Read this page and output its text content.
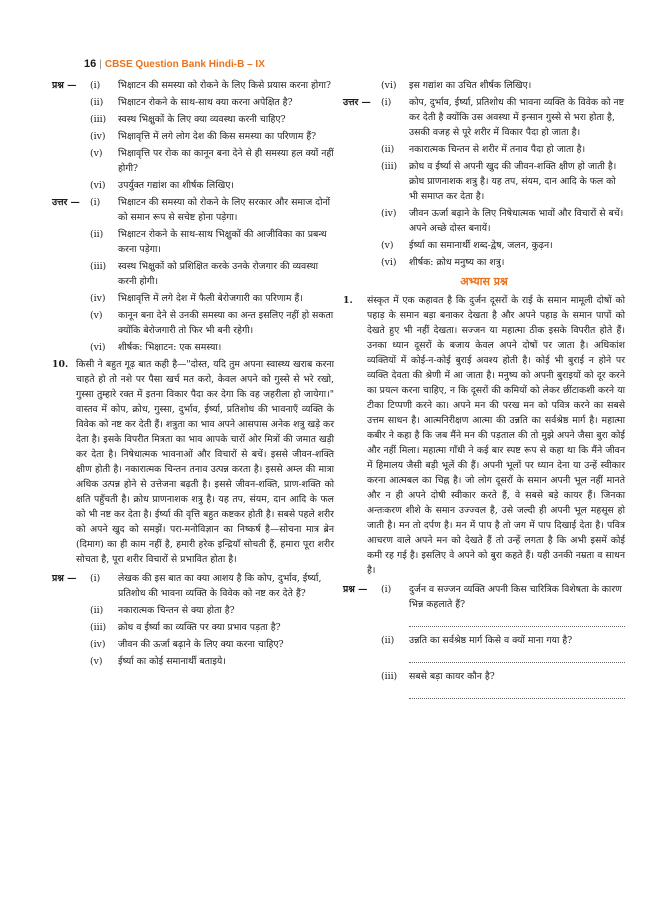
16 | CBSE Question Bank Hindi-B – IX
प्रश्न — (i) भिक्षाटन की समस्या को रोकने के लिए किसे प्रयास करना होगा?
(ii) भिक्षाटन रोकने के साथ-साथ क्या करना अपेक्षित है?
(iii) स्वस्थ भिक्षुकों के लिए क्या व्यवस्था करनी चाहिए?
(iv) भिक्षावृत्ति में लगे लोग देश की किस समस्या का परिणाम हैं?
(v) भिक्षावृत्ति पर रोक का कानून बना देने से ही समस्या हल क्यों नहीं होगी?
(vi) उपर्युक्त गद्यांश का शीर्षक लिखिए।
उत्तर — (i) भिक्षाटन की समस्या को रोकने के लिए सरकार और समाज दोनों को समान रूप से सचेष्ट होना पड़ेगा।
(ii) भिक्षाटन रोकने के साथ-साथ भिक्षुकों की आजीविका का प्रबन्ध करना पड़ेगा।
(iii) स्वस्थ भिक्षुकों को प्रशिक्षित करके उनके रोजगार की व्यवस्था करनी होगी।
(iv) भिक्षावृत्ति में लगे देश में फैली बेरोजगारी का परिणाम हैं।
(v) कानून बना देने से उनकी समस्या का अन्त इसलिए नहीं हो सकता क्योंकि बेरोजगारी तो फिर भी बनी रहेगी।
(vi) शीर्षक: भिक्षाटन: एक समस्या।
10. किसी ने बहुत गूढ़ बात कही है—"दोस्त, यदि तुम अपना स्वास्थ्य खराब करना चाहते हो तो नशे पर पैसा खर्च मत करो, केवल अपने को गुस्से से भरे रखो, गुस्सा तुम्हारे रक्त में इतना विकार पैदा कर देगा कि वह जहरीला हो जायेगा।" वास्तव में कोप, क्रोध, गुस्सा, दुर्भाव, ईर्ष्या, प्रतिशोध की भावनाएँ व्यक्ति के विवेक को नष्ट कर देती हैं। शत्रुता का भाव अपने आसपास अनेक शत्रु खड़े कर देता है। इसके विपरीत मित्रता का भाव आपके चारों ओर मित्रों की जमात खड़ी कर देता है। निषेधात्मक भावनाओं और विचारों से बचें। इससे जीवन-शक्ति क्षीण होती है। नकारात्मक चिन्तन तनाव उत्पन्न करता है। इससे अम्ल की मात्रा अधिक उत्पन्न होने से उत्तेजना बढ़ती है। इससे जीवन-शक्ति, प्राण-शक्ति को क्षति पहुँचती है। क्रोध प्राणनाशक शत्रु है। यह तप, संयम, दान आदि के फल को भी नष्ट कर देता है। ईर्ष्या की वृत्ति बहुत कष्टकर होती है। सबसे पहले शरीर को अपने खुद को समझें। परा-मनोविज्ञान का निष्कर्ष है—सोचना मात्र ब्रेन (दिमाग) का ही काम नहीं है, हमारी हरेक इन्द्रियाँ सोचती हैं, हमारा पूरा शरीर सोचता है, पूरा शरीर विचारों से प्रभावित होता है।
प्रश्न — (i) लेखक की इस बात का क्या आशय है कि कोप, दुर्भाव, ईर्ष्या, प्रतिशोध की भावना व्यक्ति के विवेक को नष्ट कर देते हैं?
(ii) नकारात्मक चिन्तन से क्या होता है?
(iii) क्रोध व ईर्ष्या का व्यक्ति पर क्या प्रभाव पड़ता है?
(iv) जीवन की ऊर्जा बढ़ाने के लिए क्या करना चाहिए?
(v) ईर्ष्या का कोई समानार्थी बताइये।
(vi) इस गद्यांश का उचित शीर्षक लिखिए।
उत्तर — (i) कोप, दुर्भाव, ईर्ष्या, प्रतिशोध की भावना व्यक्ति के विवेक को नष्ट कर देती है क्योंकि उस अवस्था में इन्सान गुस्से से भरा होता है, उसकी वजह से पूरे शरीर में विकार पैदा हो जाता है।
(ii) नकारात्मक चिन्तन से शरीर में तनाव पैदा हो जाता है।
(iii) क्रोध व ईर्ष्या से अपनी खुद की जीवन-शक्ति क्षीण हो जाती है। क्रोध प्राणनाशक शत्रु है। यह तप, संयम, दान आदि के फल को भी समाप्त कर देता है।
(iv) जीवन ऊर्जा बढ़ाने के लिए निषेधात्मक भावों और विचारों से बचें। अपने अच्छे दोस्त बनायें।
(v) ईर्ष्या का समानार्थी शब्द-द्वेष, जलन, कुढ़न।
(vi) शीर्षक: क्रोध मनुष्य का शत्रु।
अभ्यास प्रश्न
1. संस्कृत में एक कहावत है कि दुर्जन दूसरों के राई के समान मामूली दोषों को पहाड़ के समान बड़ा बनाकर देखता है और अपने पहाड़ के समान पापों को देखते हुए भी नहीं देखता। सज्जन या महात्मा ठीक इसके विपरीत होते हैं। उनका ध्यान दूसरों के बजाय केवल अपने दोषों पर जाता है। अधिकांश व्यक्तियों में कोई-न-कोई बुराई अवश्य होती है। कोई भी बुराई न होने पर व्यक्ति देवता की श्रेणी में आ जाता है। मनुष्य को अपनी बुराइयों को दूर करने का प्रयत्न करना चाहिए, न कि दूसरों की कमियों को लेकर छींटाकशी करने या टीका टिप्पणी करने का। अपने मन की परख मन को पवित्र करने का सबसे उत्तम साधन है। आत्मनिरीक्षण आत्मा की उन्नति का सर्वश्रेष्ठ मार्ग है। महात्मा कबीर ने कहा है कि जब मैंने मन की पड़ताल की तो मुझे अपने जैसा बुरा कोई और नहीं मिला। महात्मा गाँधी ने कई बार स्पष्ट रूप से कहा था कि मैंने जीवन में हिमालय जैसी बड़ी भूलें की हैं। अपनी भूलों पर ध्यान देना या उन्हें स्वीकार करना आत्मबल का चिह्न है। जो लोग दूसरों के समान अपनी भूल नहीं मानते और न ही अपने दोषी स्वीकार करते हैं, वे सबसे बड़े कायर हैं। जिनका अन्तःकरण शीशे के समान उज्ज्वल है, उसे जल्दी ही अपनी भूल महसूस हो जाती है। मन तो दर्पण है। मन में पाप है तो जग में पाप दिखाई देता है। पवित्र आचरण वाले अपने मन को देखते हैं तो उन्हें लगता है कि अभी इसमें कोई कमी रह गई है। इसलिए वे अपने को बुरा कहते हैं। यही उनकी नम्रता व साधन है।
प्रश्न — (i) दुर्जन व सज्जन व्यक्ति अपनी किस चारित्रिक विशेषता के कारण भिन्न कहलाते हैं?
(ii) उन्नति का सर्वश्रेष्ठ मार्ग किसे व क्यों माना गया है?
(iii) सबसे बड़ा कायर कौन है?
